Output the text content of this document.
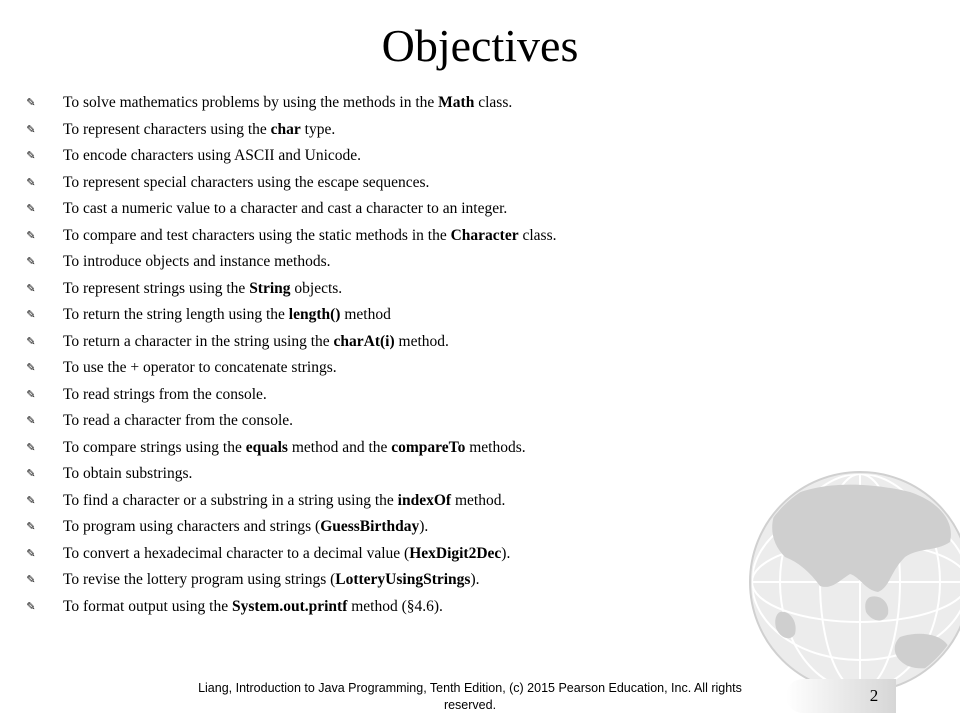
Objectives
✎ To solve mathematics problems by using the methods in the Math class.
✎ To represent characters using the char type.
✎ To encode characters using ASCII and Unicode.
✎ To represent special characters using the escape sequences.
✎ To cast a numeric value to a character and cast a character to an integer.
✎ To compare and test characters using the static methods in the Character class.
✎ To introduce objects and instance methods.
✎ To represent strings using the String objects.
✎ To return the string length using the length() method
✎ To return a character in the string using the charAt(i) method.
✎ To use the + operator to concatenate strings.
✎ To read strings from the console.
✎ To read a character from the console.
✎ To compare strings using the equals method and the compareTo methods.
✎ To obtain substrings.
✎ To find a character or a substring in a string using the indexOf method.
✎ To program using characters and strings (GuessBirthday).
✎ To convert a hexadecimal character to a decimal value (HexDigit2Dec).
✎ To revise the lottery program using strings (LotteryUsingStrings).
✎ To format output using the System.out.printf method (§4.6).
2
Liang, Introduction to Java Programming, Tenth Edition, (c) 2015 Pearson Education, Inc. All rights reserved.
